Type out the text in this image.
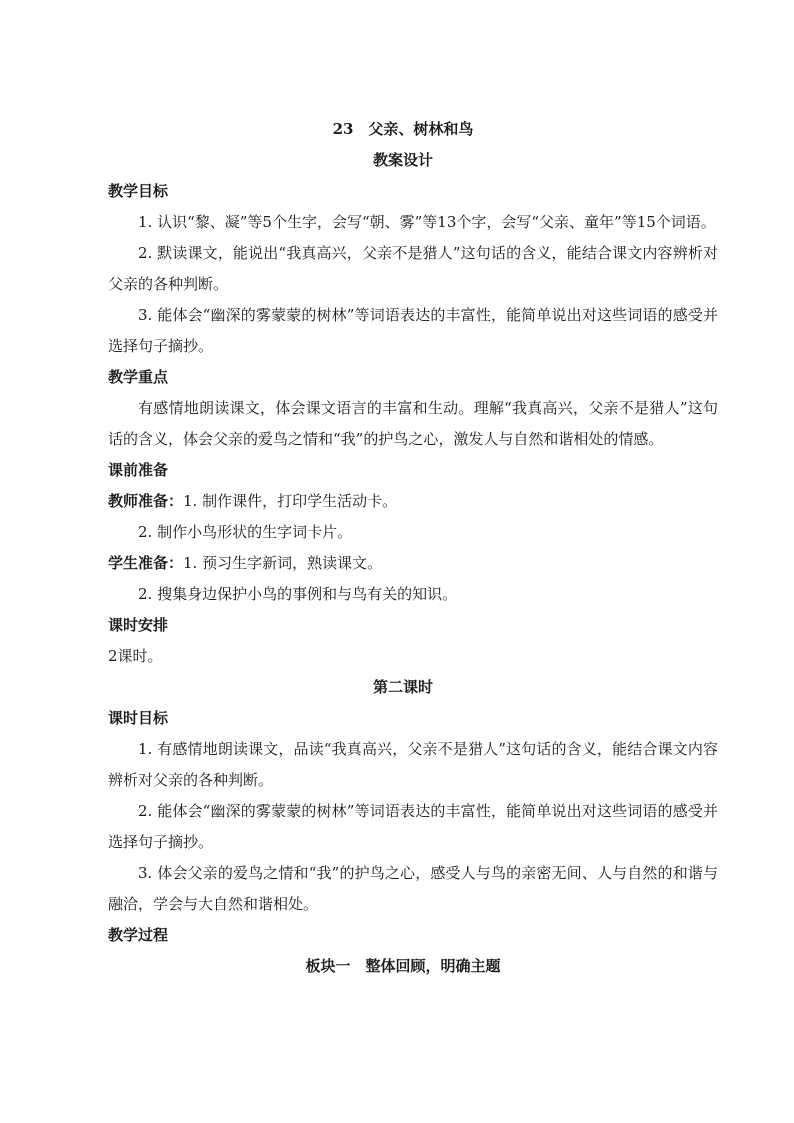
23　父亲、树林和鸟
教案设计
教学目标
1. 认识“黎、凝”等5个生字，会写“朝、雾”等13个字，会写“父亲、童年”等15个词语。
2. 默读课文，能说出“我真高兴，父亲不是猎人”这句话的含义，能结合课文内容辨析对父亲的各种判断。
3. 能体会“幽深的雾蒙蒙的树林”等词语表达的丰富性，能简单说出对这些词语的感受并选择句子摘抄。
教学重点
有感情地朗读课文，体会课文语言的丰富和生动。理解“我真高兴，父亲不是猎人”这句话的含义，体会父亲的爱鸟之情和“我”的护鸟之心，激发人与自然和谐相处的情感。
课前准备
教师准备：1. 制作课件，打印学生活动卡。
2. 制作小鸟形状的生字词卡片。
学生准备：1. 预习生字新词，熟读课文。
2. 搜集身边保护小鸟的事例和与鸟有关的知识。
课时安排
2课时。
第二课时
课时目标
1. 有感情地朗读课文，品读“我真高兴，父亲不是猎人”这句话的含义，能结合课文内容辨析对父亲的各种判断。
2. 能体会“幽深的雾蒙蒙的树林”等词语表达的丰富性，能简单说出对这些词语的感受并选择句子摘抄。
3. 体会父亲的爱鸟之情和“我”的护鸟之心，感受人与鸟的亲密无间、人与自然的和谐与融洽，学会与大自然和谐相处。
教学过程
板块一　整体回顾，明确主题
